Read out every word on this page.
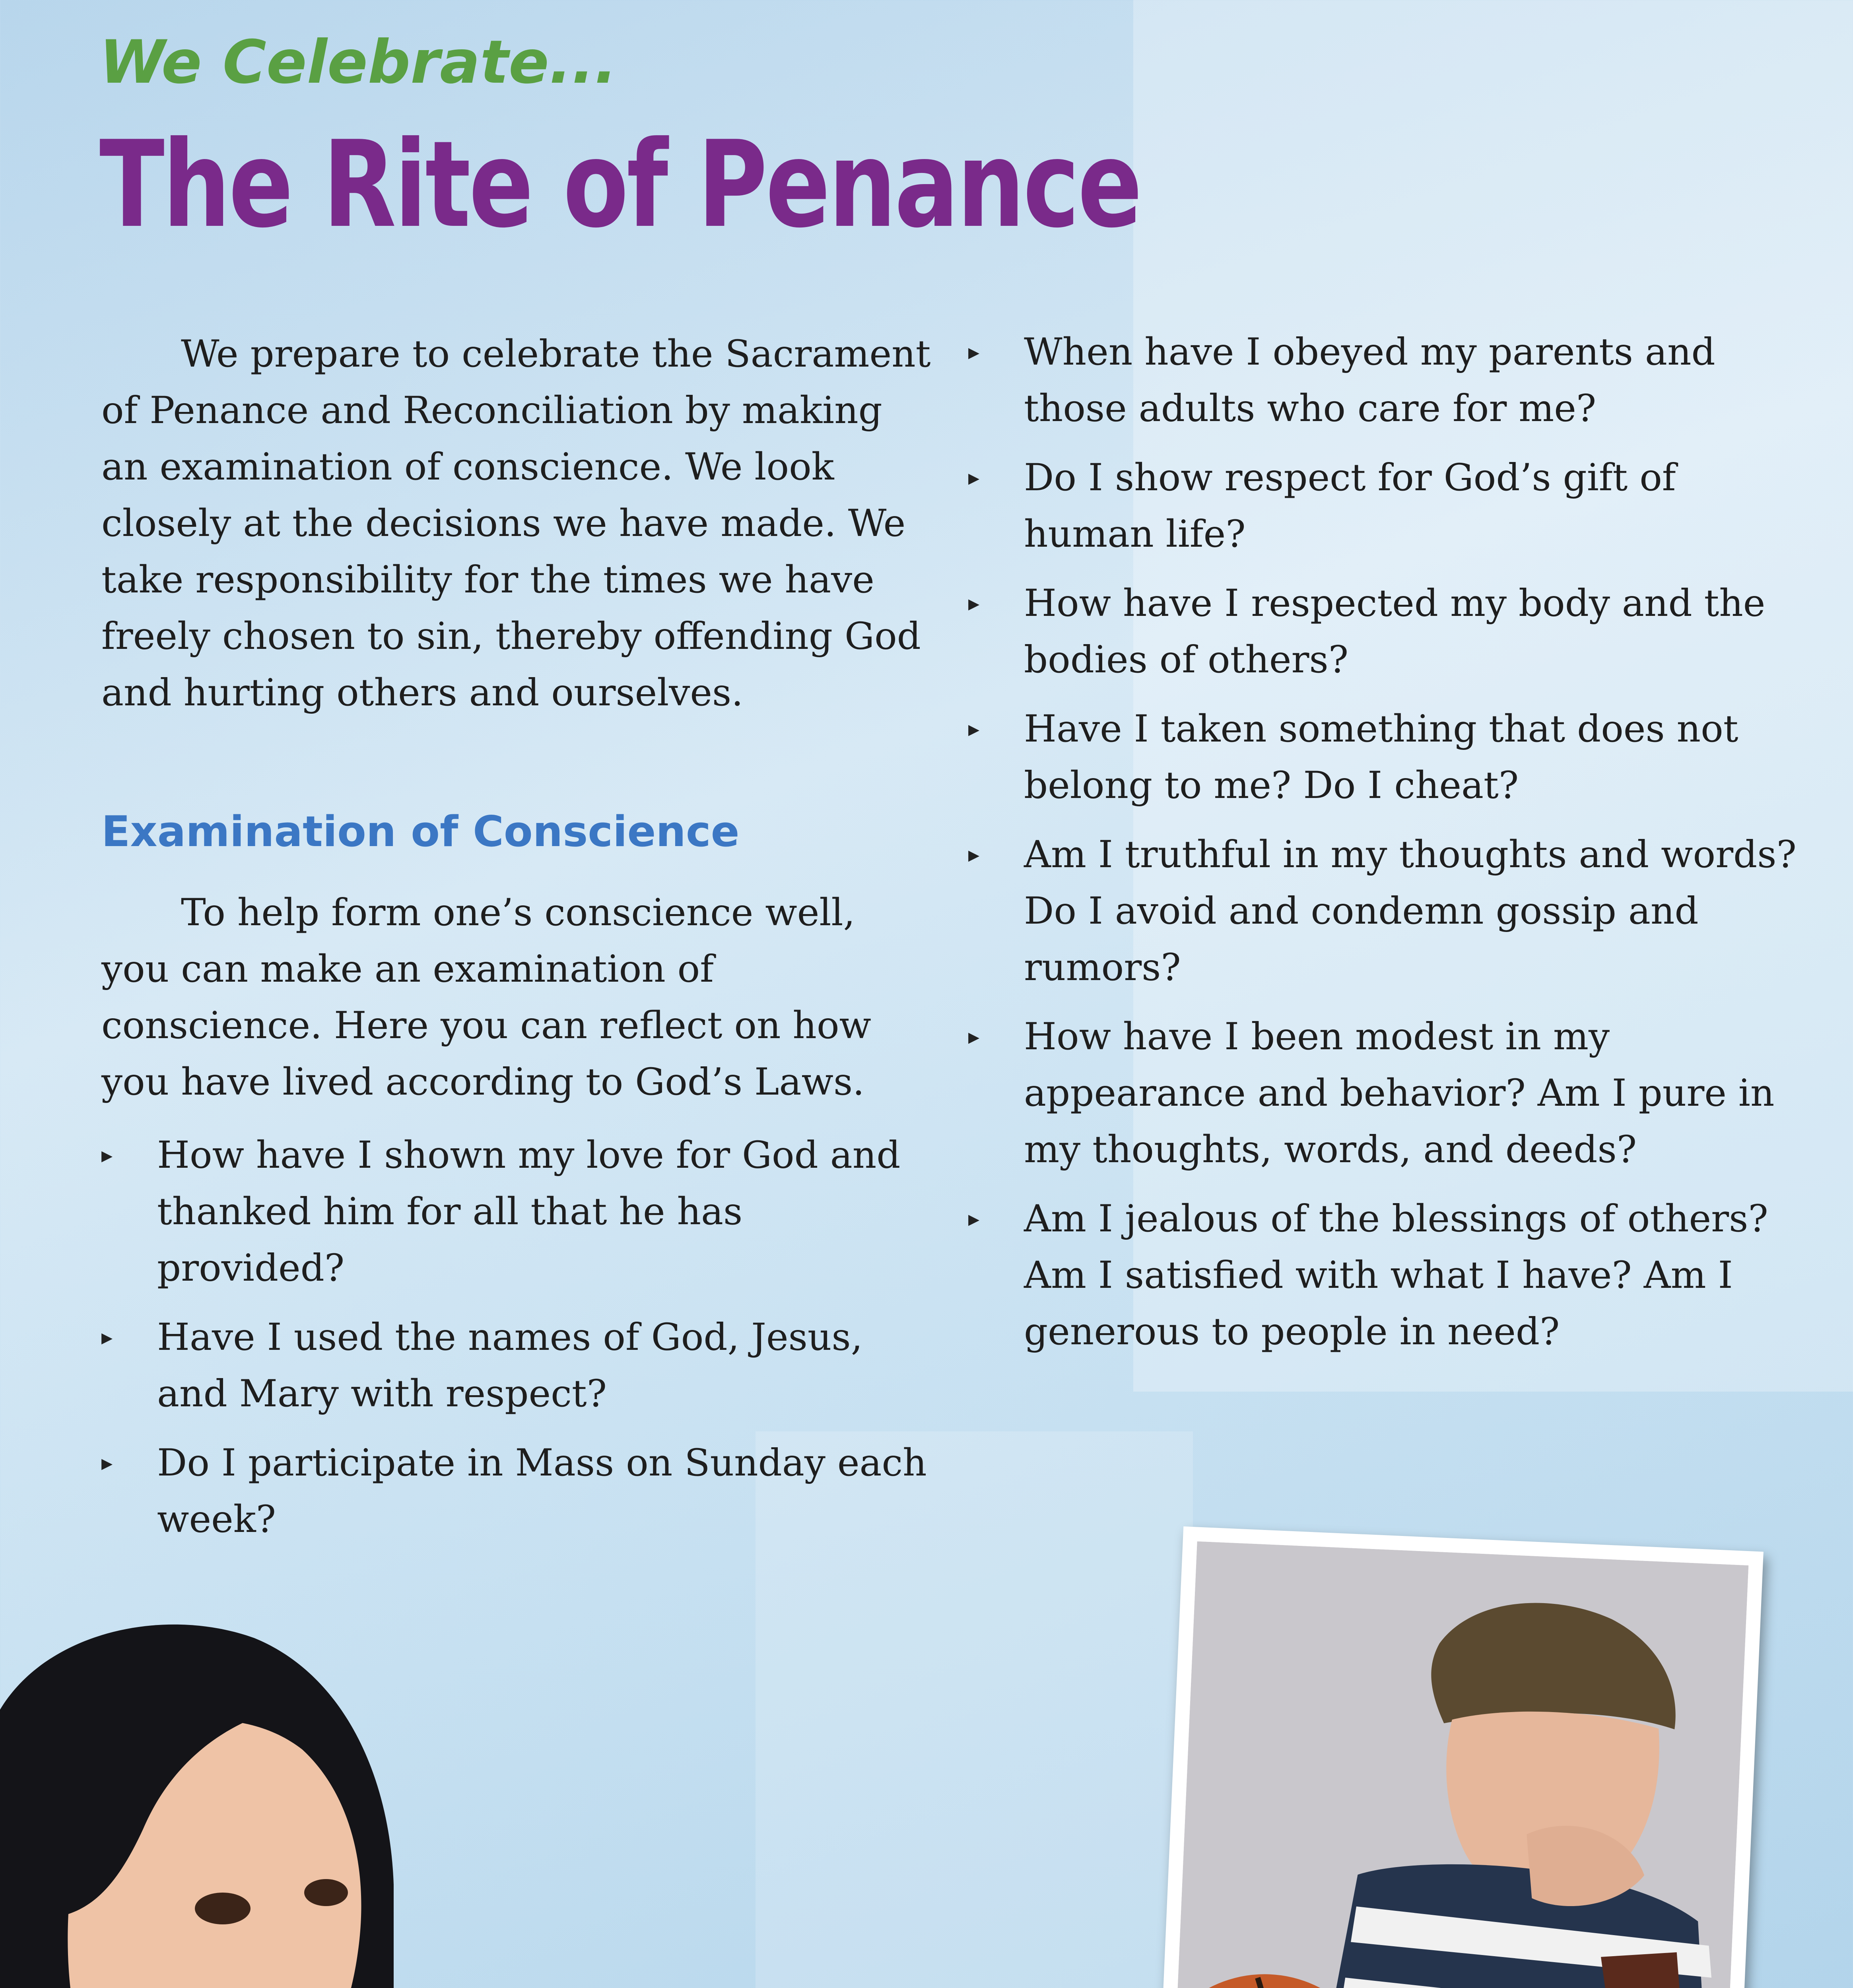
We Celebrate...
The Rite of Penance

We prepare to celebrate the Sacrament of Penance and Reconciliation by making an examination of conscience. We look closely at the decisions we have made. We take responsibility for the times we have freely chosen to sin, thereby offending God and hurting others and ourselves.

Examination of Conscience

To help form one’s conscience well, you can make an examination of conscience. Here you can reflect on how you have lived according to God’s Laws.

▸ How have I shown my love for God and thanked him for all that he has provided?
▸ Have I used the names of God, Jesus, and Mary with respect?
▸ Do I participate in Mass on Sunday each week?
▸ When have I obeyed my parents and those adults who care for me?
▸ Do I show respect for God’s gift of human life?
▸ How have I respected my body and the bodies of others?
▸ Have I taken something that does not belong to me? Do I cheat?
▸ Am I truthful in my thoughts and words? Do I avoid and condemn gossip and rumors?
▸ How have I been modest in my appearance and behavior? Am I pure in my thoughts, words, and deeds?
▸ Am I jealous of the blessings of others? Am I satisfied with what I have? Am I generous to people in need?
